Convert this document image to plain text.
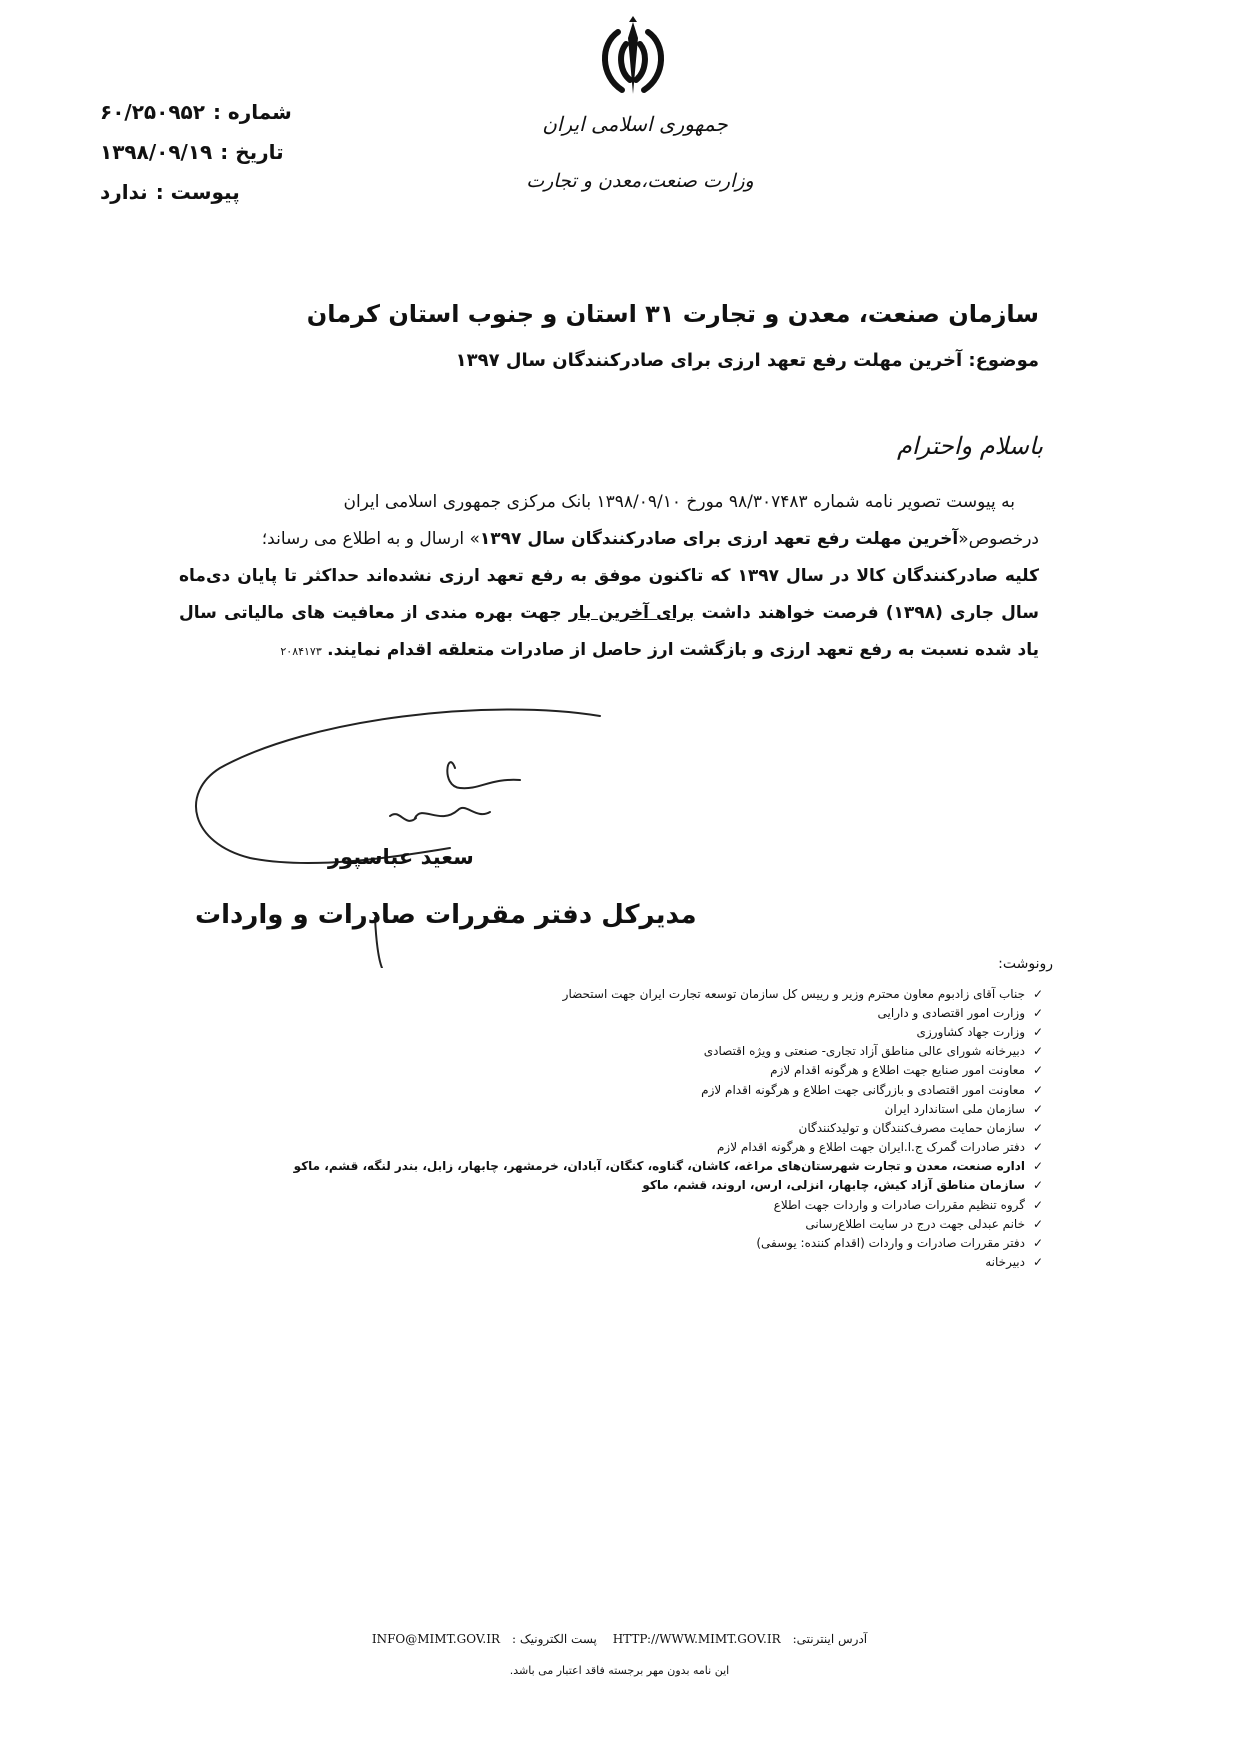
شماره :
۶۰/۲۵۰۹۵۲
تاریخ :
۱۳۹۸/۰۹/۱۹
پیوست :
ندارد
جمهوری اسلامی ایران
وزارت صنعت،معدن و تجارت
سازمان صنعت، معدن و تجارت ۳۱ استان و جنوب استان کرمان
موضوع: آخرین مهلت رفع تعهد ارزی برای صادرکنندگان سال ۱۳۹۷
باسلام واحترام

به پیوست تصویر نامه شماره ۹۸/۳۰۷۴۸۳ مورخ ۱۳۹۸/۰۹/۱۰ بانک مرکزی جمهوری اسلامی ایران

درخصوص«آخرین مهلت رفع تعهد ارزی برای صادرکنندگان سال ۱۳۹۷» ارسال و به اطلاع می رساند؛

کلیه صادرکنندگان کالا در سال ۱۳۹۷ که تاکنون موفق به رفع تعهد ارزی نشده‌اند حداکثر تا پایان دی‌ماه سال جاری (۱۳۹۸) فرصت خواهند داشت برای آخرین بار جهت بهره مندی از معافیت های مالیاتی سال یاد شده نسبت به رفع تعهد ارزی و بازگشت ارز حاصل از صادرات متعلقه اقدام نمایند. ۲۰۸۴۱۷۳

سعید عباسپور
مدیرکل دفتر مقررات صادرات و واردات
رونوشت:
✓
جناب آقای زادبوم معاون محترم وزیر و رییس کل سازمان توسعه تجارت ایران جهت استحضار
✓
وزارت امور اقتصادی و دارایی
✓
وزارت جهاد کشاورزی
✓
دبیرخانه شورای عالی مناطق آزاد تجاری- صنعتی و ویژه اقتصادی
✓
معاونت امور صنایع جهت اطلاع و هرگونه اقدام لازم
✓
معاونت امور اقتصادی و بازرگانی جهت اطلاع و هرگونه اقدام لازم
✓
سازمان ملی استاندارد ایران
✓
سازمان حمایت مصرف‌کنندگان و تولیدکنندگان
✓
دفتر صادرات گمرک ج.ا.ایران جهت اطلاع و هرگونه اقدام لازم
✓
اداره صنعت، معدن و تجارت شهرستان‌های مراغه، کاشان، گناوه، کنگان، آبادان، خرمشهر، چابهار، زابل، بندر لنگه، قشم، ماکو
✓
سازمان مناطق آزاد کیش، چابهار، انزلی، ارس، اروند، قشم، ماکو
✓
گروه تنظیم مقررات صادرات و واردات جهت اطلاع
✓
خانم عبدلی جهت درج در سایت اطلاع‌رسانی
✓
دفتر مقررات صادرات و واردات (اقدام کننده: یوسفی)
✓
دبیرخانه
INFO@MIMT.GOV.IR پست الکترونیک : HTTP://WWW.MIMT.GOV.IR آدرس اینترنتی:
این نامه بدون مهر برجسته فاقد اعتبار می باشد.
